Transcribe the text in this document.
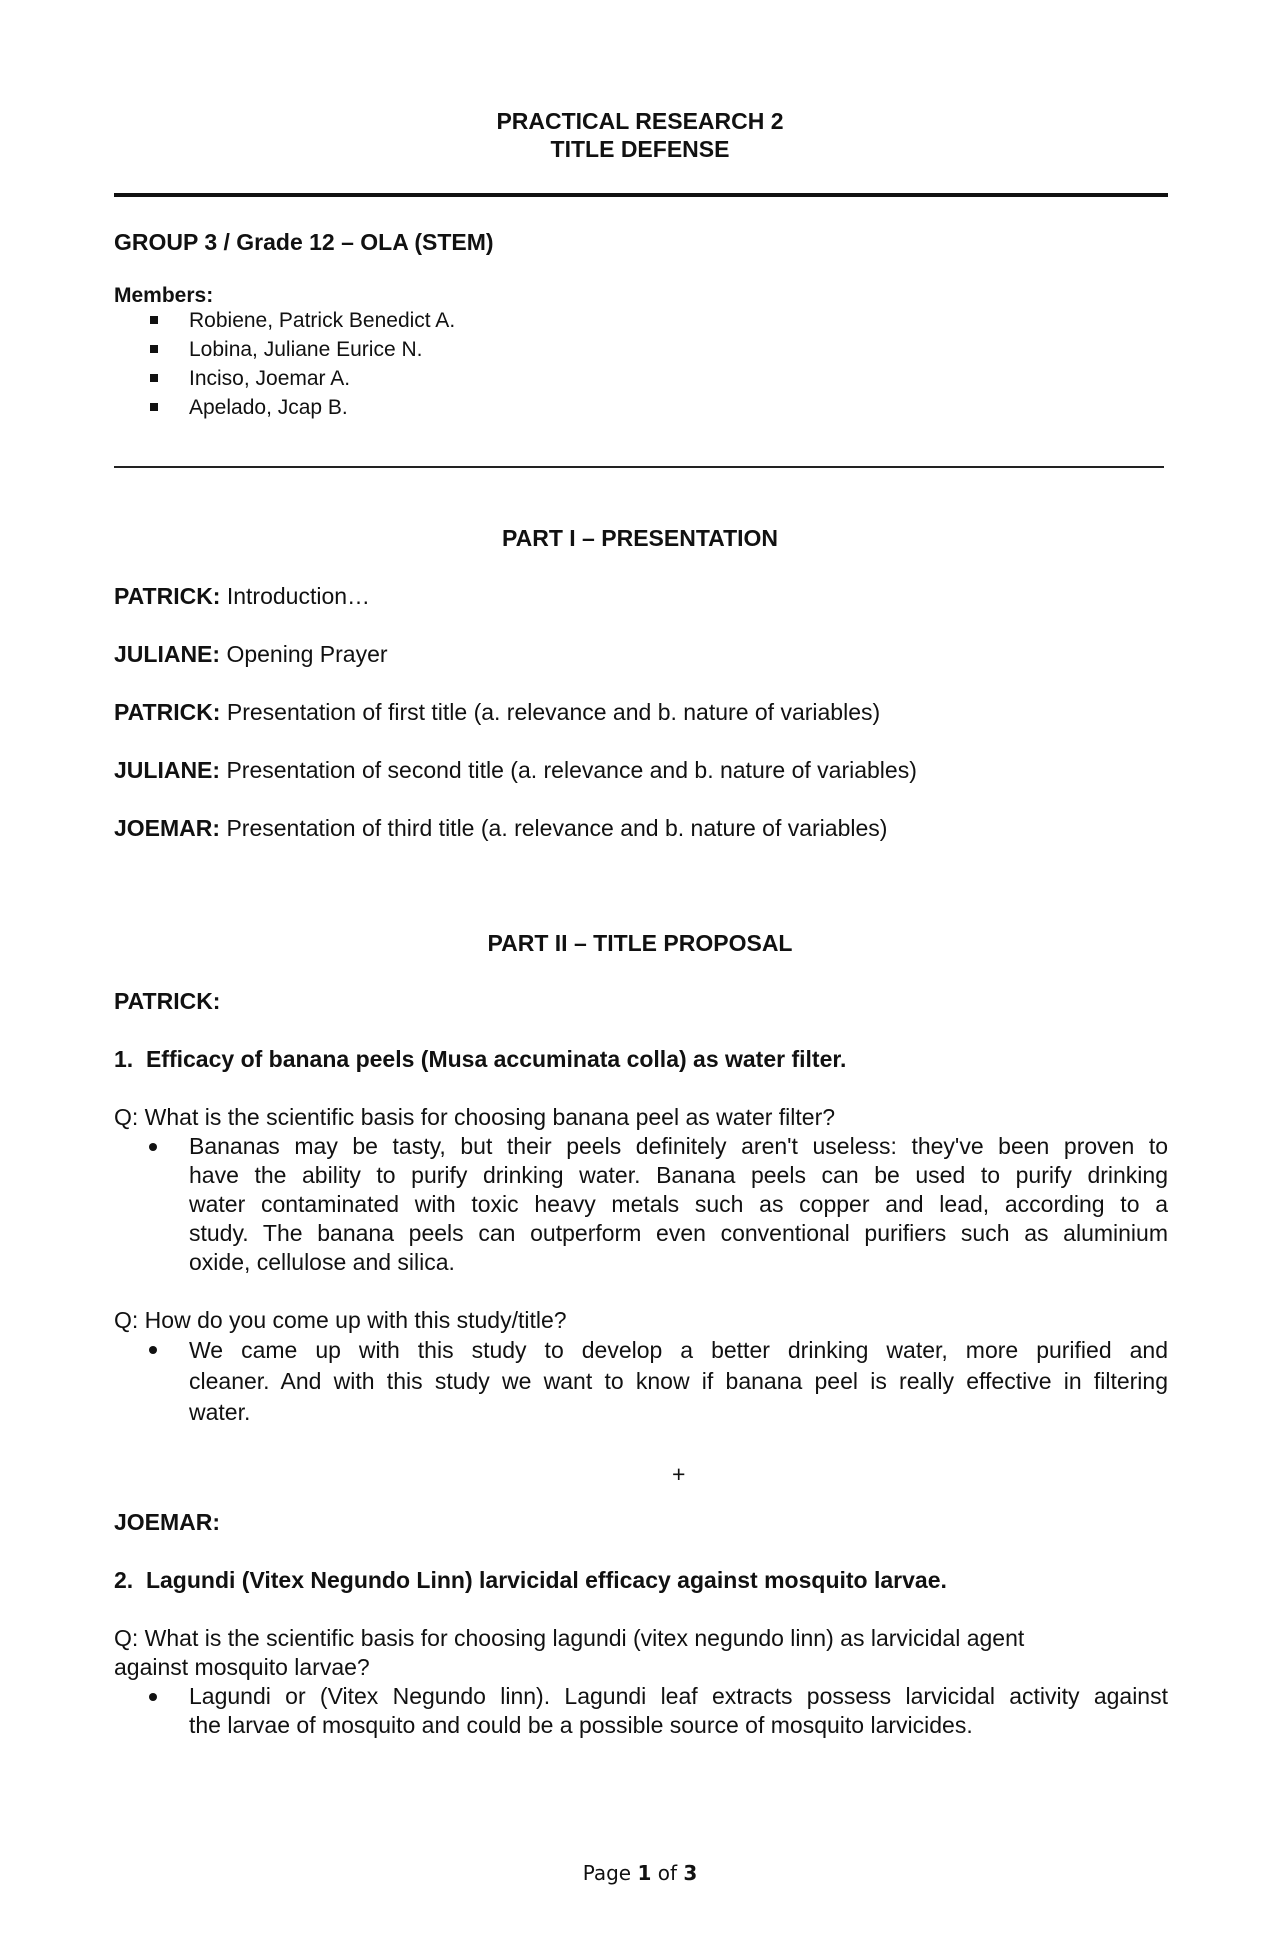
PRACTICAL RESEARCH 2
TITLE DEFENSE
GROUP 3 / Grade 12 – OLA (STEM)
Members:
Robiene, Patrick Benedict A.
Lobina, Juliane Eurice N.
Inciso, Joemar A.
Apelado, Jcap B.
PART I – PRESENTATION
PATRICK: Introduction…
JULIANE: Opening Prayer
PATRICK: Presentation of first title (a. relevance and b. nature of variables)
JULIANE: Presentation of second title (a. relevance and b. nature of variables)
JOEMAR: Presentation of third title (a. relevance and b. nature of variables)
PART II – TITLE PROPOSAL
PATRICK:
1.  Efficacy of banana peels (Musa accuminata colla) as water filter.
Q: What is the scientific basis for choosing banana peel as water filter?
Bananas may be tasty, but their peels definitely aren't useless: they've been proven to
have the ability to purify drinking water. Banana peels can be used to purify drinking
water contaminated with toxic heavy metals such as copper and lead, according to a
study. The banana peels can outperform even conventional purifiers such as aluminium
oxide, cellulose and silica.
Q: How do you come up with this study/title?
We came up with this study to develop a better drinking water, more purified and
cleaner. And with this study we want to know if banana peel is really effective in filtering
water.
+
JOEMAR:
2.  Lagundi (Vitex Negundo Linn) larvicidal efficacy against mosquito larvae.
Q: What is the scientific basis for choosing lagundi (vitex negundo linn) as larvicidal agent
against mosquito larvae?
Lagundi or (Vitex Negundo linn). Lagundi leaf extracts possess larvicidal activity against
the larvae of mosquito and could be a possible source of mosquito larvicides.
Page 1 of 3
